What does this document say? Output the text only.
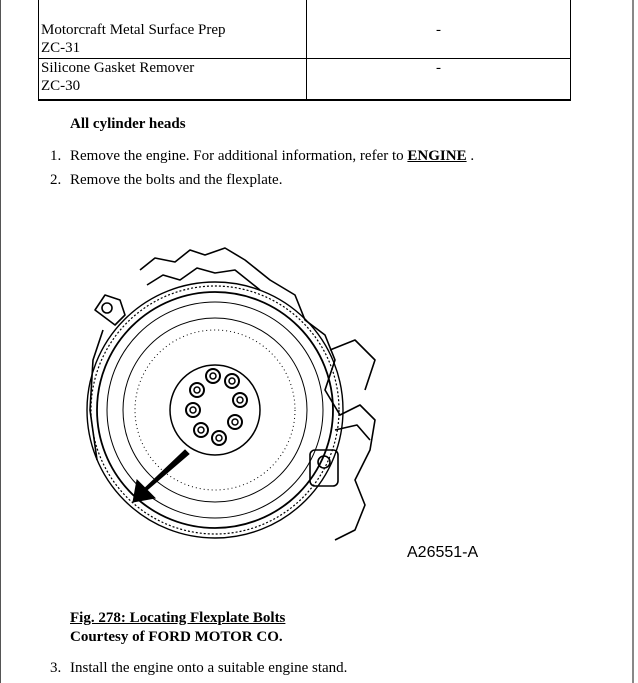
Motorcraft Metal Surface Prep
ZC-31	-

Silicone Gasket Remover
ZC-30	-
All cylinder heads
1. Remove the engine. For additional information, refer to ENGINE .
2. Remove the bolts and the flexplate.
A26551-A
Fig. 278: Locating Flexplate Bolts
Courtesy of FORD MOTOR CO.
3. Install the engine onto a suitable engine stand.
